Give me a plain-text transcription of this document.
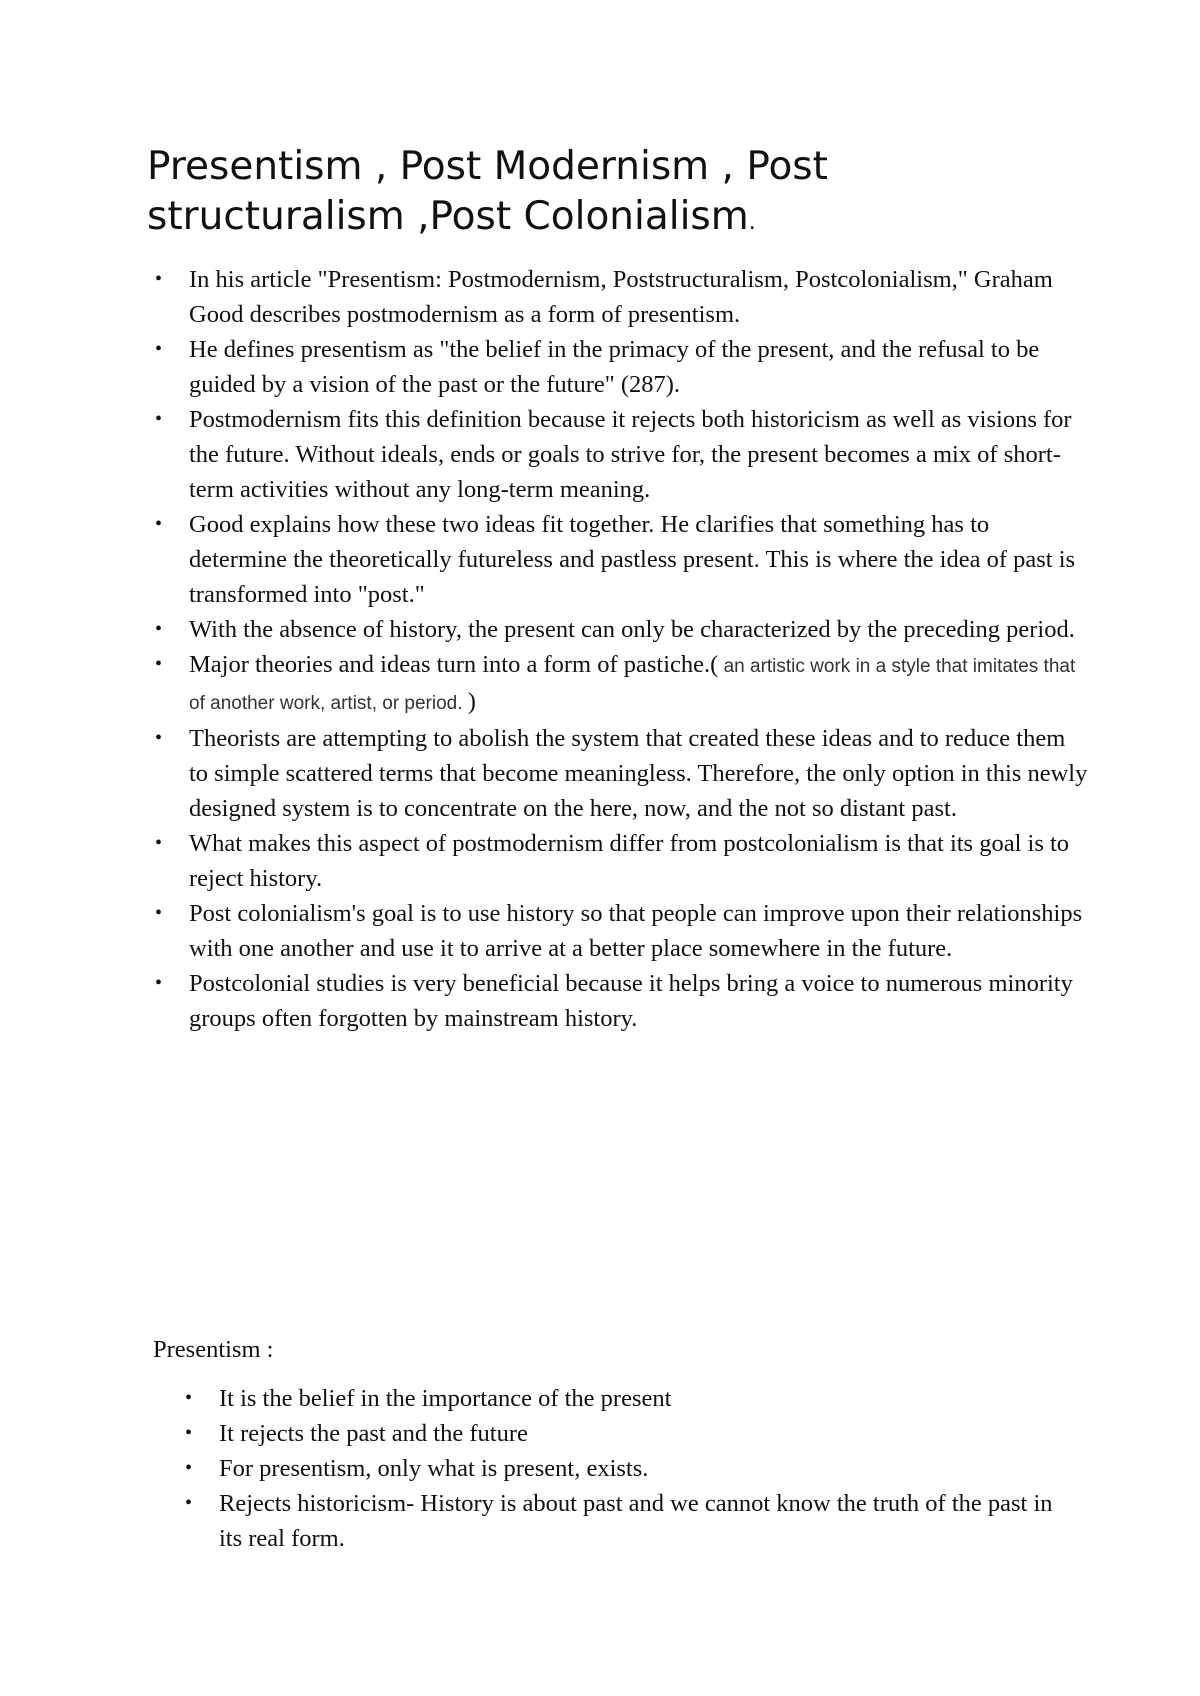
Presentism , Post Modernism , Post structuralism ,Post Colonialism.
• In his article "Presentism: Postmodernism, Poststructuralism, Postcolonialism," Graham Good describes postmodernism as a form of presentism.
• He defines presentism as "the belief in the primacy of the present, and the refusal to be guided by a vision of the past or the future" (287).
• Postmodernism fits this definition because it rejects both historicism as well as visions for the future. Without ideals, ends or goals to strive for, the present becomes a mix of short-term activities without any long-term meaning.
• Good explains how these two ideas fit together. He clarifies that something has to determine the theoretically futureless and pastless present. This is where the idea of past is transformed into "post."
• With the absence of history, the present can only be characterized by the preceding period.
• Major theories and ideas turn into a form of pastiche.( an artistic work in a style that imitates that of another work, artist, or period. )
• Theorists are attempting to abolish the system that created these ideas and to reduce them to simple scattered terms that become meaningless. Therefore, the only option in this newly designed system is to concentrate on the here, now, and the not so distant past.
• What makes this aspect of postmodernism differ from postcolonialism is that its goal is to reject history.
• Post colonialism's goal is to use history so that people can improve upon their relationships with one another and use it to arrive at a better place somewhere in the future.
• Postcolonial studies is very beneficial because it helps bring a voice to numerous minority groups often forgotten by mainstream history.

Presentism :

• It is the belief in the importance of the present
• It rejects the past and the future
• For presentism, only what is present, exists.
• Rejects historicism- History is about past and we cannot know the truth of the past in its real form.
